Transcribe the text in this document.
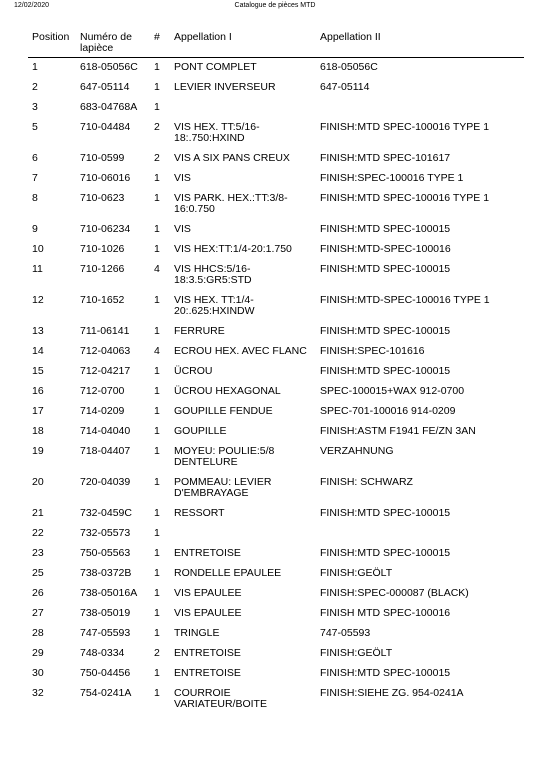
12/02/2020	Catalogue de pièces MTD
Position	Numéro de lapièce	#	Appellation I	Appellation II
1	618-05056C	1	PONT COMPLET	618-05056C
2	647-05114	1	LEVIER INVERSEUR	647-05114
3	683-04768A	1		
5	710-04484	2	VIS HEX. TT:5/16-18:.750:HXIND	FINISH:MTD SPEC-100016 TYPE 1
6	710-0599	2	VIS A SIX PANS CREUX	FINISH:MTD SPEC-101617
7	710-06016	1	VIS	FINISH:SPEC-100016 TYPE 1
8	710-0623	1	VIS PARK. HEX.:TT:3/8-16:0.750	FINISH:MTD SPEC-100016 TYPE 1
9	710-06234	1	VIS	FINISH:MTD SPEC-100015
10	710-1026	1	VIS HEX:TT:1/4-20:1.750	FINISH:MTD-SPEC-100016
11	710-1266	4	VIS HHCS:5/16-18:3.5:GR5:STD	FINISH:MTD SPEC-100015
12	710-1652	1	VIS HEX. TT:1/4-20:.625:HXINDW	FINISH:MTD-SPEC-100016 TYPE 1
13	711-06141	1	FERRURE	FINISH:MTD SPEC-100015
14	712-04063	4	ECROU HEX. AVEC FLANC	FINISH:SPEC-101616
15	712-04217	1	ÜCROU	FINISH:MTD SPEC-100015
16	712-0700	1	ÜCROU HEXAGONAL	SPEC-100015+WAX 912-0700
17	714-0209	1	GOUPILLE FENDUE	SPEC-701-100016 914-0209
18	714-04040	1	GOUPILLE	FINISH:ASTM F1941 FE/ZN 3AN
19	718-04407	1	MOYEU: POULIE:5/8 DENTELURE	VERZAHNUNG
20	720-04039	1	POMMEAU: LEVIER D'EMBRAYAGE	FINISH: SCHWARZ
21	732-0459C	1	RESSORT	FINISH:MTD SPEC-100015
22	732-05573	1		
23	750-05563	1	ENTRETOISE	FINISH:MTD SPEC-100015
25	738-0372B	1	RONDELLE EPAULEE	FINISH:GEÖLT
26	738-05016A	1	VIS EPAULEE	FINISH:SPEC-000087 (BLACK)
27	738-05019	1	VIS EPAULEE	FINISH MTD SPEC-100016
28	747-05593	1	TRINGLE	747-05593
29	748-0334	2	ENTRETOISE	FINISH:GEÖLT
30	750-04456	1	ENTRETOISE	FINISH:MTD SPEC-100015
32	754-0241A	1	COURROIE VARIATEUR/BOITE	FINISH:SIEHE ZG. 954-0241A
